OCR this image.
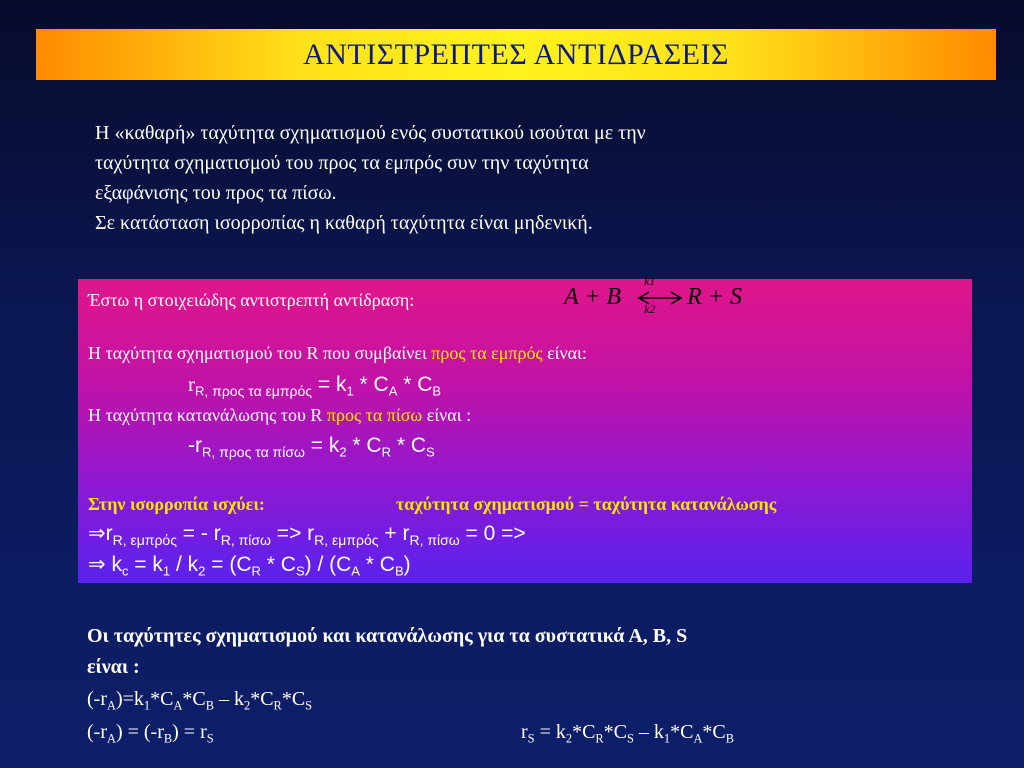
ΑΝΤΙΣΤΡΕΠΤΕΣ ΑΝΤΙΔΡΑΣΕΙΣ

Η «καθαρή» ταχύτητα σχηματισμού ενός συστατικού ισούται με την

ταχύτητα σχηματισμού του προς τα εμπρός συν την ταχύτητα

εξαφάνισης του προς τα πίσω.

Σε κατάσταση ισορροπίας η καθαρή ταχύτητα είναι μηδενική.

Έστω η στοιχειώδης αντιστρεπτή αντίδραση:	A + B
k1
k2 R + S
Η ταχύτητα σχηματισμού του R που συμβαίνει προς τα εμπρός είναι:
$r_{R, \pi\rho o\varsigma \tau\alpha \varepsilon\mu\pi\rho ό\varsigma} = k_1 * C_A * C_B$
Η ταχύτητα κατανάλωσης του R προς τα πίσω είναι :
$-r_{R, \pi\rho o\varsigma \tau\alpha \pi ί\sigma\omega} = k_2 * C_R * C_S$
Στην ισορροπία ισχύει:	ταχύτητα σχηματισμού = ταχύτητα κατανάλωσης
$\Rightarrow r_{R, \varepsilon\mu\pi\rho ό\varsigma}$ = - $r_{R, \pi ί\sigma\omega} => r_{R, \varepsilon\mu\pi\rho ό\varsigma} + r_{R, \pi ί\sigma\omega} = 0$ =>
⇒ $k_c = k_1 / k_2 = (C_R * C_S) / (C_A * C_B)$
Οι ταχύτητες σχηματισμού και κατανάλωσης για τα συστατικά Α, Β, S
είναι :
$(-r_A)=k_1*C_A*C_B - k_2*C_R*C_S$
$(-r_A) = (-r_B) = r_S$	$r_S = k_2*C_R*C_S - k_1*C_A*C_B$
